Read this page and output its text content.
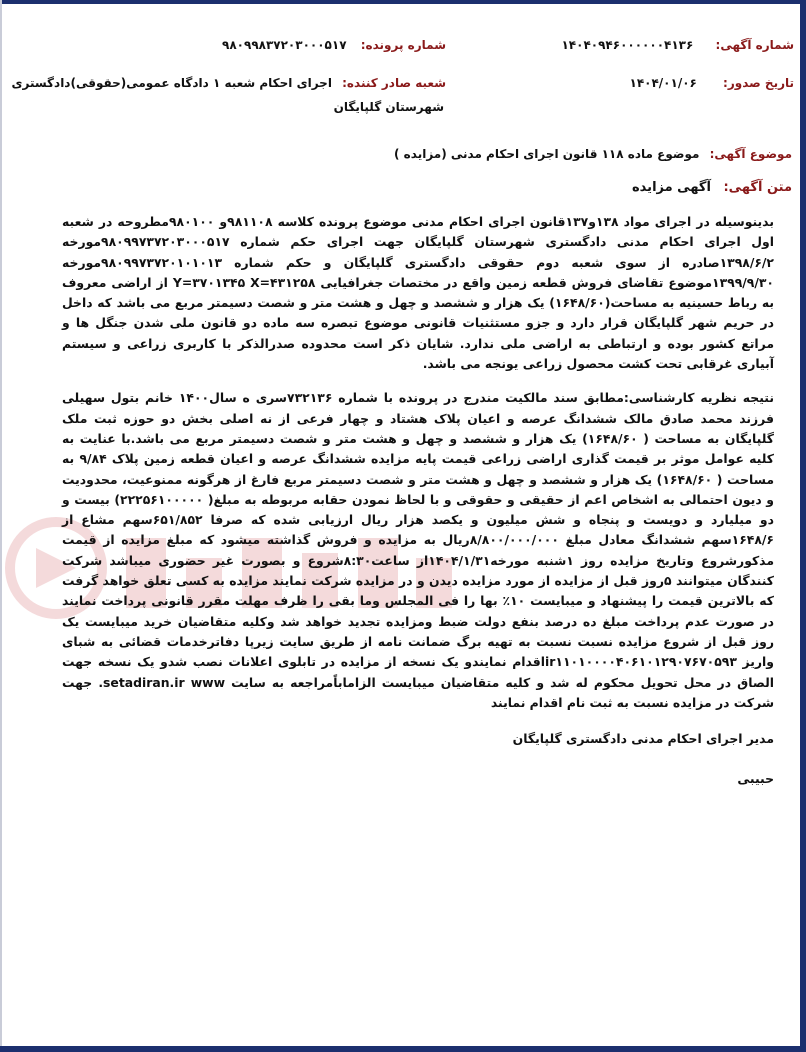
شماره آگهی: ۱۴۰۴۰۹۴۶۰۰۰۰۰۰۴۱۳۶
شماره پرونده: ۹۸۰۹۹۸۳۷۲۰۳۰۰۰۵۱۷
تاریخ صدور: ۱۴۰۴/۰۱/۰۶
شعبه صادر کننده: اجرای احکام شعبه ۱ دادگاه عمومی(حقوقی)دادگستری
شهرستان گلپایگان
موضوع آگهی: موضوع ماده ۱۱۸ قانون اجرای احکام مدنی (مزایده )
متن آگهی: آگهی مزایده

بدینوسیله در اجرای مواد ۱۳۸و۱۳۷قانون اجرای احکام مدنی موضوع پرونده کلاسه ۹۸۱۱۰۸و ۹۸۰۱۰۰مطروحه در شعبه اول اجرای احکام مدنی دادگستری شهرستان گلپایگان جهت اجرای حکم شماره ۹۸۰۹۹۷۳۷۲۰۳۰۰۰۵۱۷مورخه ۱۳۹۸/۶/۲صادره از سوی شعبه دوم حقوقی دادگستری گلپایگان و حکم شماره ۹۸۰۹۹۷۳۷۲۰۱۰۱۰۱۳مورخه ۱۳۹۹/۹/۳۰موضوع تقاضای فروش قطعه زمین واقع در مختصات جغرافیایی Y=۳۷۰۱۳۴۵ X=۴۳۱۲۵۸ از اراضی معروف به رباط حسینیه به مساحت(۱۶۴۸/۶۰) یک هزار و ششصد و چهل و هشت متر و شصت دسیمتر مربع می باشد که داخل در حریم شهر گلپایگان قرار دارد و جزو مستثنیات قانونی موضوع تبصره سه ماده دو قانون ملی شدن جنگل ها و مراتع کشور بوده و ارتباطی به اراضی ملی ندارد. شایان ذکر است محدوده صدرالذکر با کاربری زراعی و سیستم آبیاری غرقابی تحت کشت محصول زراعی یونجه می باشد.

نتیجه نظریه کارشناسی:مطابق سند مالکیت مندرج در پرونده با شماره ۷۳۲۱۳۶سری ه سال۱۴۰۰ خانم بتول سهیلی فرزند محمد صادق مالک ششدانگ عرصه و اعیان پلاک هشتاد و چهار فرعی از نه اصلی بخش دو حوزه ثبت ملک گلپایگان به مساحت ( ۱۶۴۸/۶۰) یک هزار و ششصد و چهل و هشت متر و شصت دسیمتر مربع می باشد.با عنایت به کلیه عوامل موثر بر قیمت گذاری اراضی زراعی قیمت پایه مزایده ششدانگ عرصه و اعیان قطعه زمین پلاک ۹/۸۴ به مساحت ( ۱۶۴۸/۶۰) یک هزار و ششصد و چهل و هشت متر و شصت دسیمتر مربع فارغ از هرگونه ممنوعیت، محدودیت و دیون احتمالی به اشخاص اعم از حقیقی و حقوقی و با لحاظ نمودن حقابه مربوطه به مبلغ( ۲۲۲۵۶۱۰۰۰۰۰) بیست و دو میلیارد و دویست و پنجاه و شش میلیون و یکصد هزار ریال ارزیابی شده که صرفا ۶۵۱/۸۵۲سهم مشاع از ۱۶۴۸/۶سهم ششدانگ معادل مبلغ ۸/۸۰۰/۰۰۰/۰۰۰ریال به مزایده و فروش گذاشته میشود که مبلغ مزایده از قیمت مذکورشروع وتاریخ مزایده روز ۱شنبه مورخه۱۴۰۴/۱/۳۱از ساعت۸:۳۰شروع و بصورت غیر حضوری میباشد شرکت کنندگان میتوانند ۵روز قبل از مزایده از مورد مزایده دیدن و در مزایده شرکت نمایند مزایده به کسی تعلق خواهد گرفت که بالاترین قیمت را پیشنهاد و میبایست ۱۰٪ بها را فی المجلس وما بقی را ظرف مهلت مقرر قانونی پرداخت نمایند در صورت عدم پرداخت مبلغ ده درصد بنفع دولت ضبط ومزایده تجدید خواهد شد وکلیه متقاضیان خرید میبایست یک روز قبل از شروع مزایده نسبت نسبت به تهیه برگ ضمانت نامه از طریق سایت زیرپا دفاترخدمات قضائی به شبای واریز ir۱۱۰۱۰۰۰۰۴۰۶۱۰۱۲۹۰۷۶۷۰۵۹۳اقدام نمایندو یک نسخه از مزایده در تابلوی اعلانات نصب شدو یک نسخه جهت الصاق در محل تحویل محکوم له شد و کلیه متقاضیان میبایست الزاماباًمراجعه به سایت setadiran.ir www. جهت شرکت در مزایده نسبت به ثبت نام اقدام نمایند

مدیر اجرای احکام مدنی دادگستری گلپایگان
حبیبی
